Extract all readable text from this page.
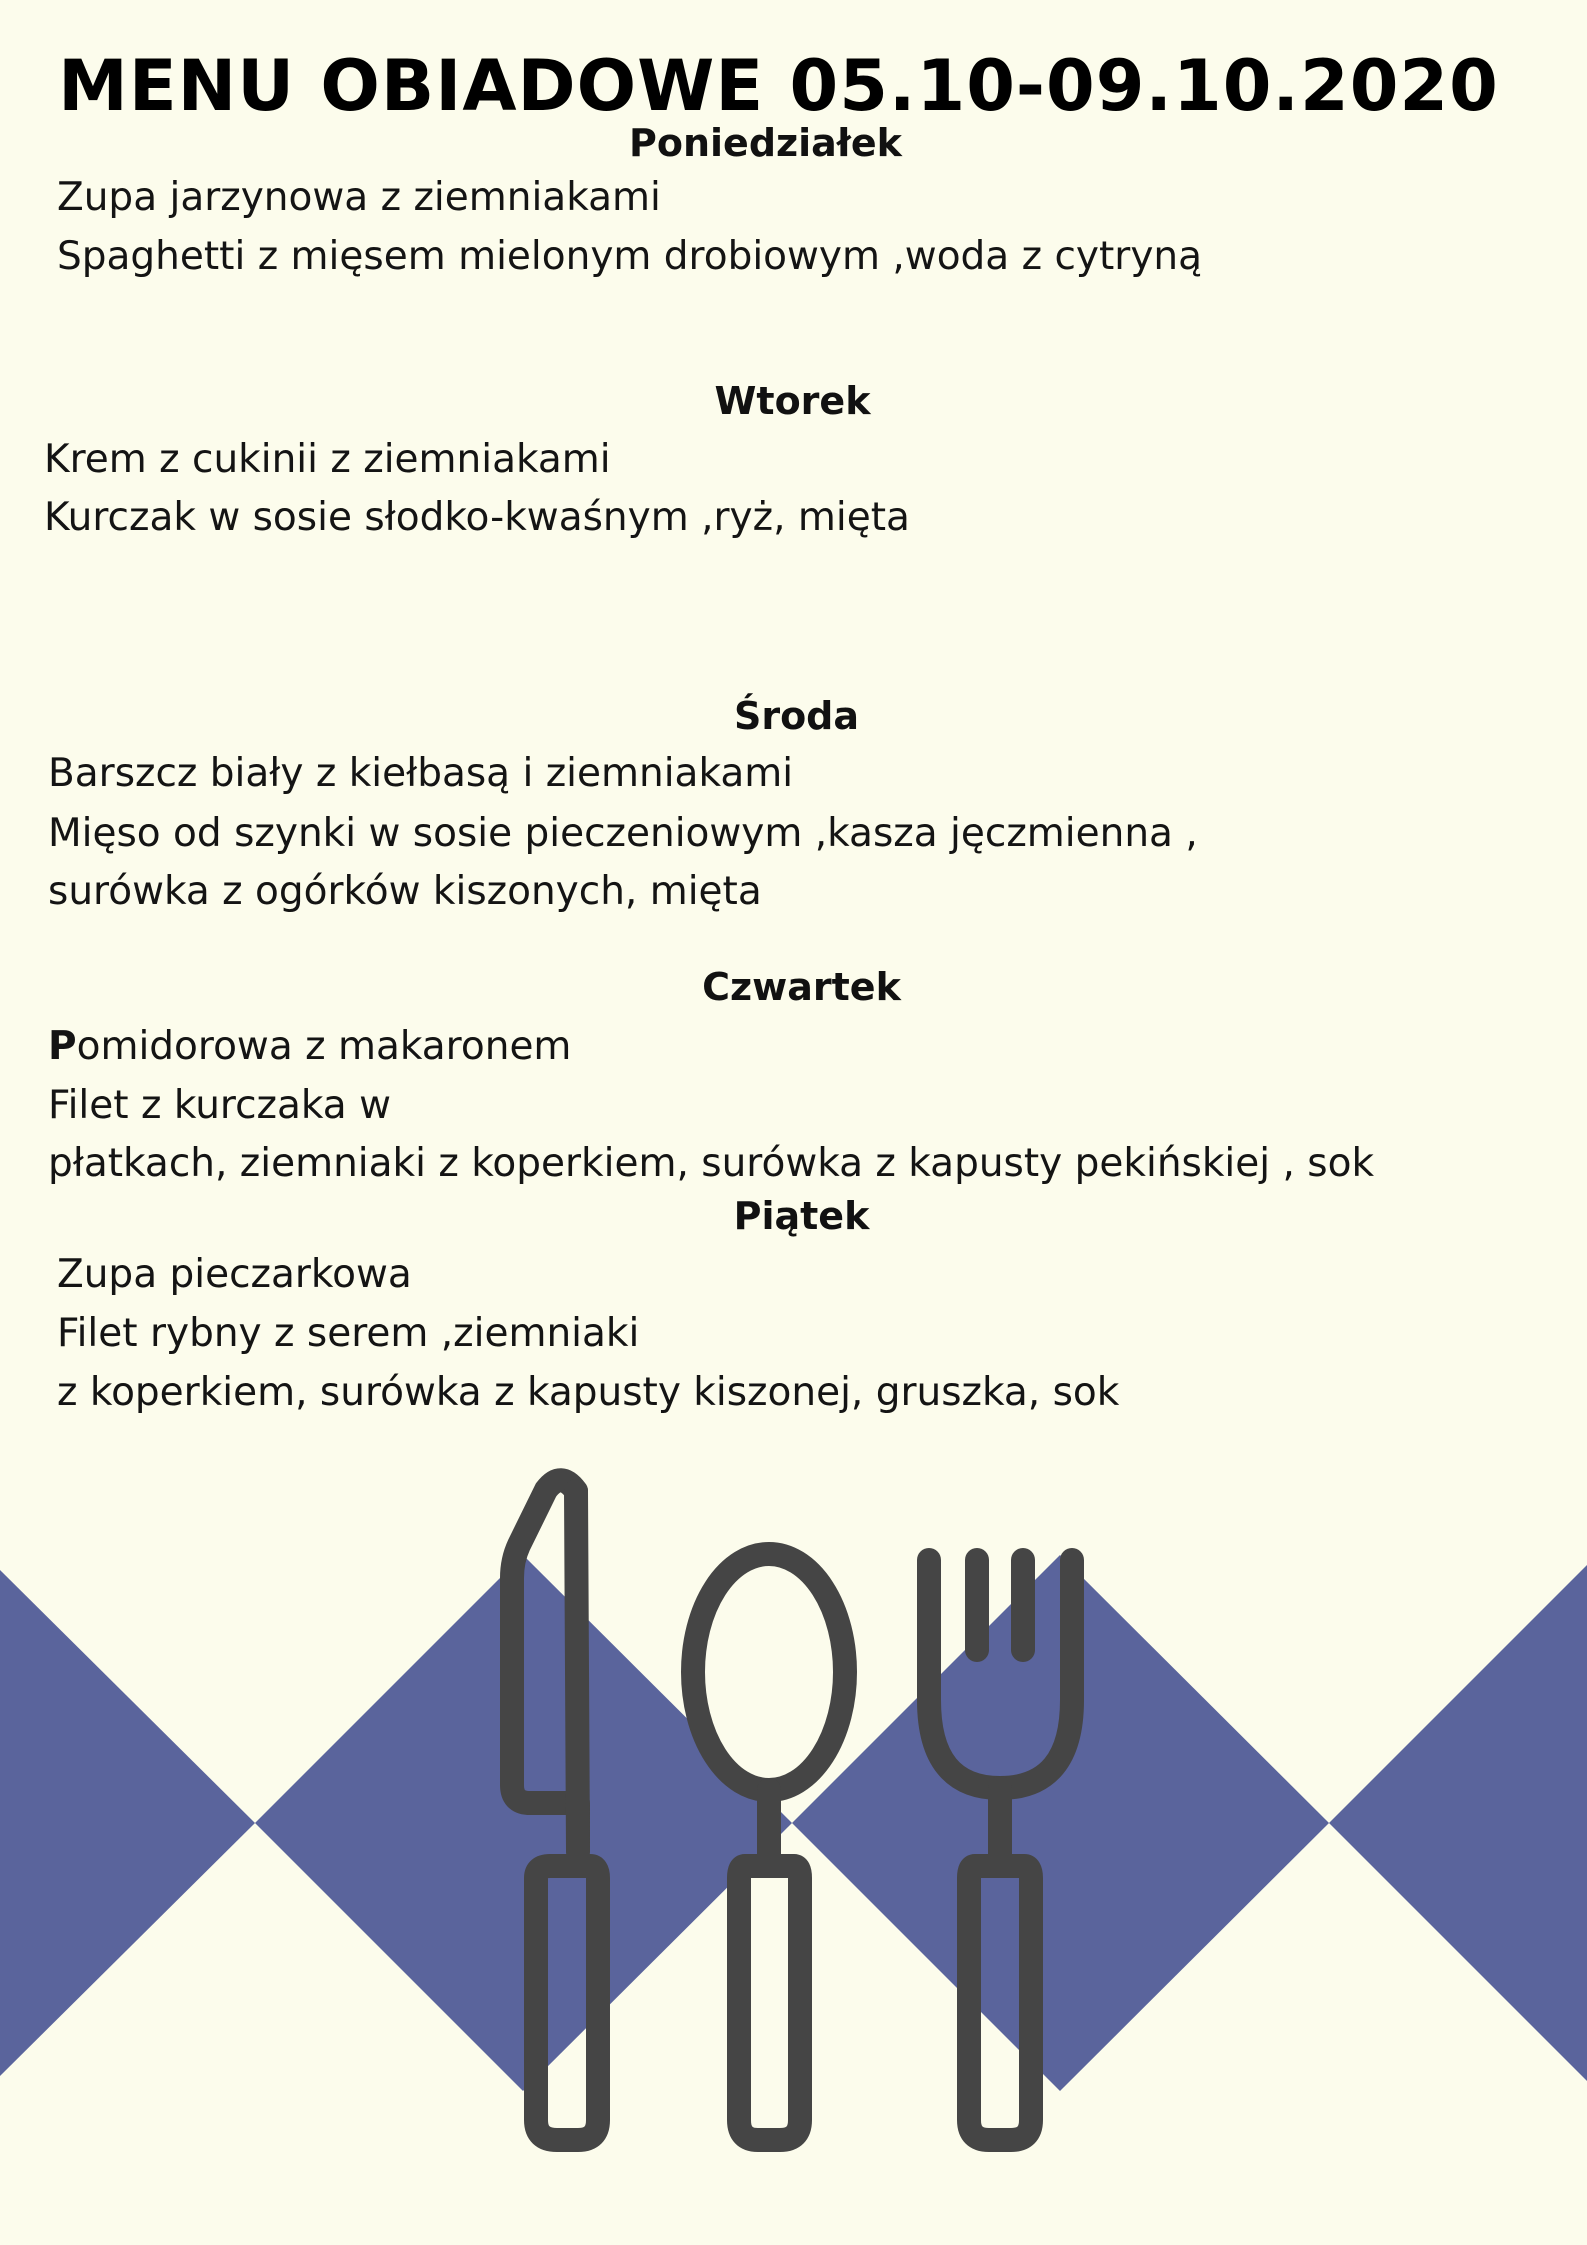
MENU OBIADOWE 05.10-09.10.2020
Poniedziałek
Zupa jarzynowa z ziemniakami
Spaghetti z mięsem mielonym drobiowym ,woda z cytryną
Wtorek
Krem z cukinii z ziemniakami
Kurczak w sosie słodko-kwaśnym ,ryż, mięta
Środa
Barszcz biały z kiełbasą i ziemniakami
Mięso od szynki w sosie pieczeniowym ,kasza jęczmienna ,
surówka z ogórków kiszonych, mięta
Czwartek
Pomidorowa z makaronem
Filet z kurczaka w
płatkach, ziemniaki z koperkiem, surówka z kapusty pekińskiej , sok
Piątek
Zupa pieczarkowa
Filet rybny z serem ,ziemniaki
z koperkiem, surówka z kapusty kiszonej, gruszka, sok
